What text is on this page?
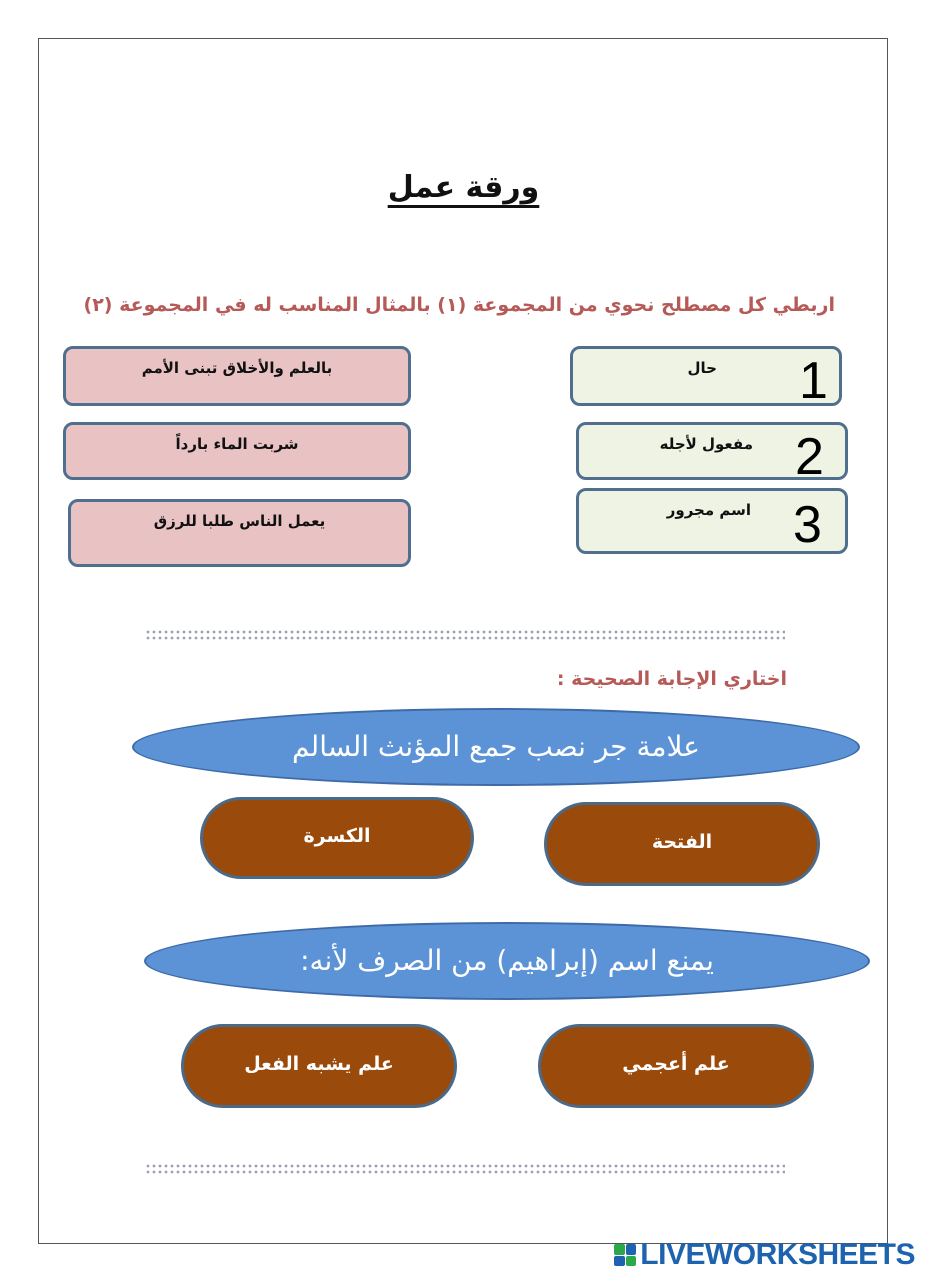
ورقة عمل
اربطي كل مصطلح نحوي من المجموعة (١) بالمثال المناسب له في المجموعة (٢)
حال 1
مفعول لأجله 2
اسم مجرور 3
بالعلم والأخلاق تبنى الأمم
شربت الماء بارداً
يعمل الناس طلبا للرزق
اختاري الإجابة الصحيحة :
علامة جر نصب جمع المؤنث السالم
الفتحة
الكسرة
يمنع اسم (إبراهيم) من الصرف لأنه:
علم أعجمي
علم يشبه الفعل
LIVEWORKSHEETS
